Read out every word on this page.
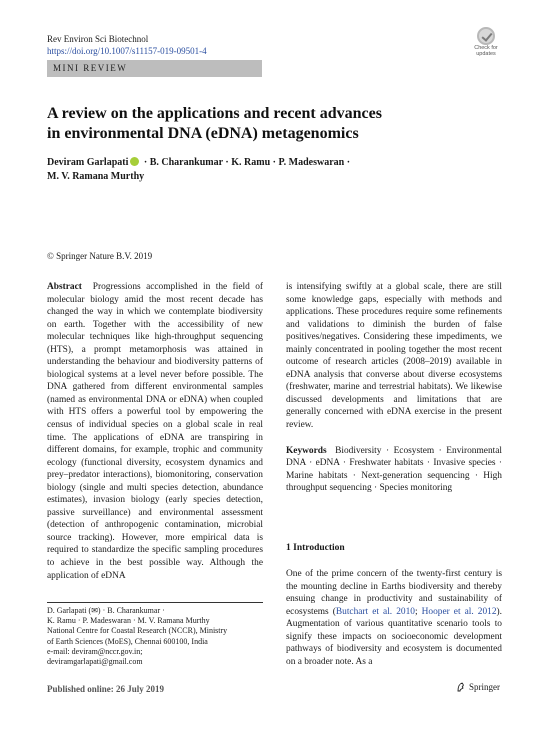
Rev Environ Sci Biotechnol
https://doi.org/10.1007/s11157-019-09501-4	Check for updates
MINI REVIEW
A review on the applications and recent advances
in environmental DNA (eDNA) metagenomics
Deviram Garlapati · B. Charankumar · K. Ramu · P. Madeswaran ·
M. V. Ramana Murthy
© Springer Nature B.V. 2019
Abstract Progressions accomplished in the field of molecular biology amid the most recent decade has changed the way in which we contemplate biodiversity on earth. Together with the accessibility of new molecular techniques like high-throughput sequencing (HTS), a prompt metamorphosis was attained in understanding the behaviour and biodiversity patterns of biological systems at a level never before possible. The DNA gathered from different environmental samples (named as environmental DNA or eDNA) when coupled with HTS offers a powerful tool by empowering the census of individual species on a global scale in real time. The applications of eDNA are transpiring in different domains, for example, trophic and community ecology (functional diversity, ecosystem dynamics and prey–predator interactions), biomonitoring, conservation biology (single and multi species detection, abundance estimates), invasion biology (early species detection, passive surveillance) and environmental assessment (detection of anthropogenic contamination, microbial source tracking). However, more empirical data is required to standardize the specific sampling procedures to achieve in the best possible way. Although the application of eDNA

is intensifying swiftly at a global scale, there are still some knowledge gaps, especially with methods and applications. These procedures require some refinements and validations to diminish the burden of false positives/negatives. Considering these impediments, we mainly concentrated in pooling together the most recent outcome of research articles (2008–2019) available in eDNA analysis that converse about diverse ecosystems (freshwater, marine and terrestrial habitats). We likewise discussed developments and limitations that are generally concerned with eDNA exercise in the present review.

Keywords Biodiversity · Ecosystem · Environmental DNA · eDNA · Freshwater habitats · Invasive species · Marine habitats · Next-generation sequencing · High throughput sequencing · Species monitoring

1 Introduction
One of the prime concern of the twenty-first century is the mounting decline in Earths biodiversity and thereby ensuing change in productivity and sustainability of ecosystems (Butchart et al. 2010; Hooper et al. 2012). Augmentation of various quantitative scenario tools to signify these impacts on socioeconomic development pathways of biodiversity and ecosystem is documented on a broader note. As a
D. Garlapati (✉) · B. Charankumar ·
K. Ramu · P. Madeswaran · M. V. Ramana Murthy
National Centre for Coastal Research (NCCR), Ministry
of Earth Sciences (MoES), Chennai 600100, India
e-mail: deviram@nccr.gov.in;
deviramgarlapati@gmail.com
Published online: 26 July 2019	Springer
